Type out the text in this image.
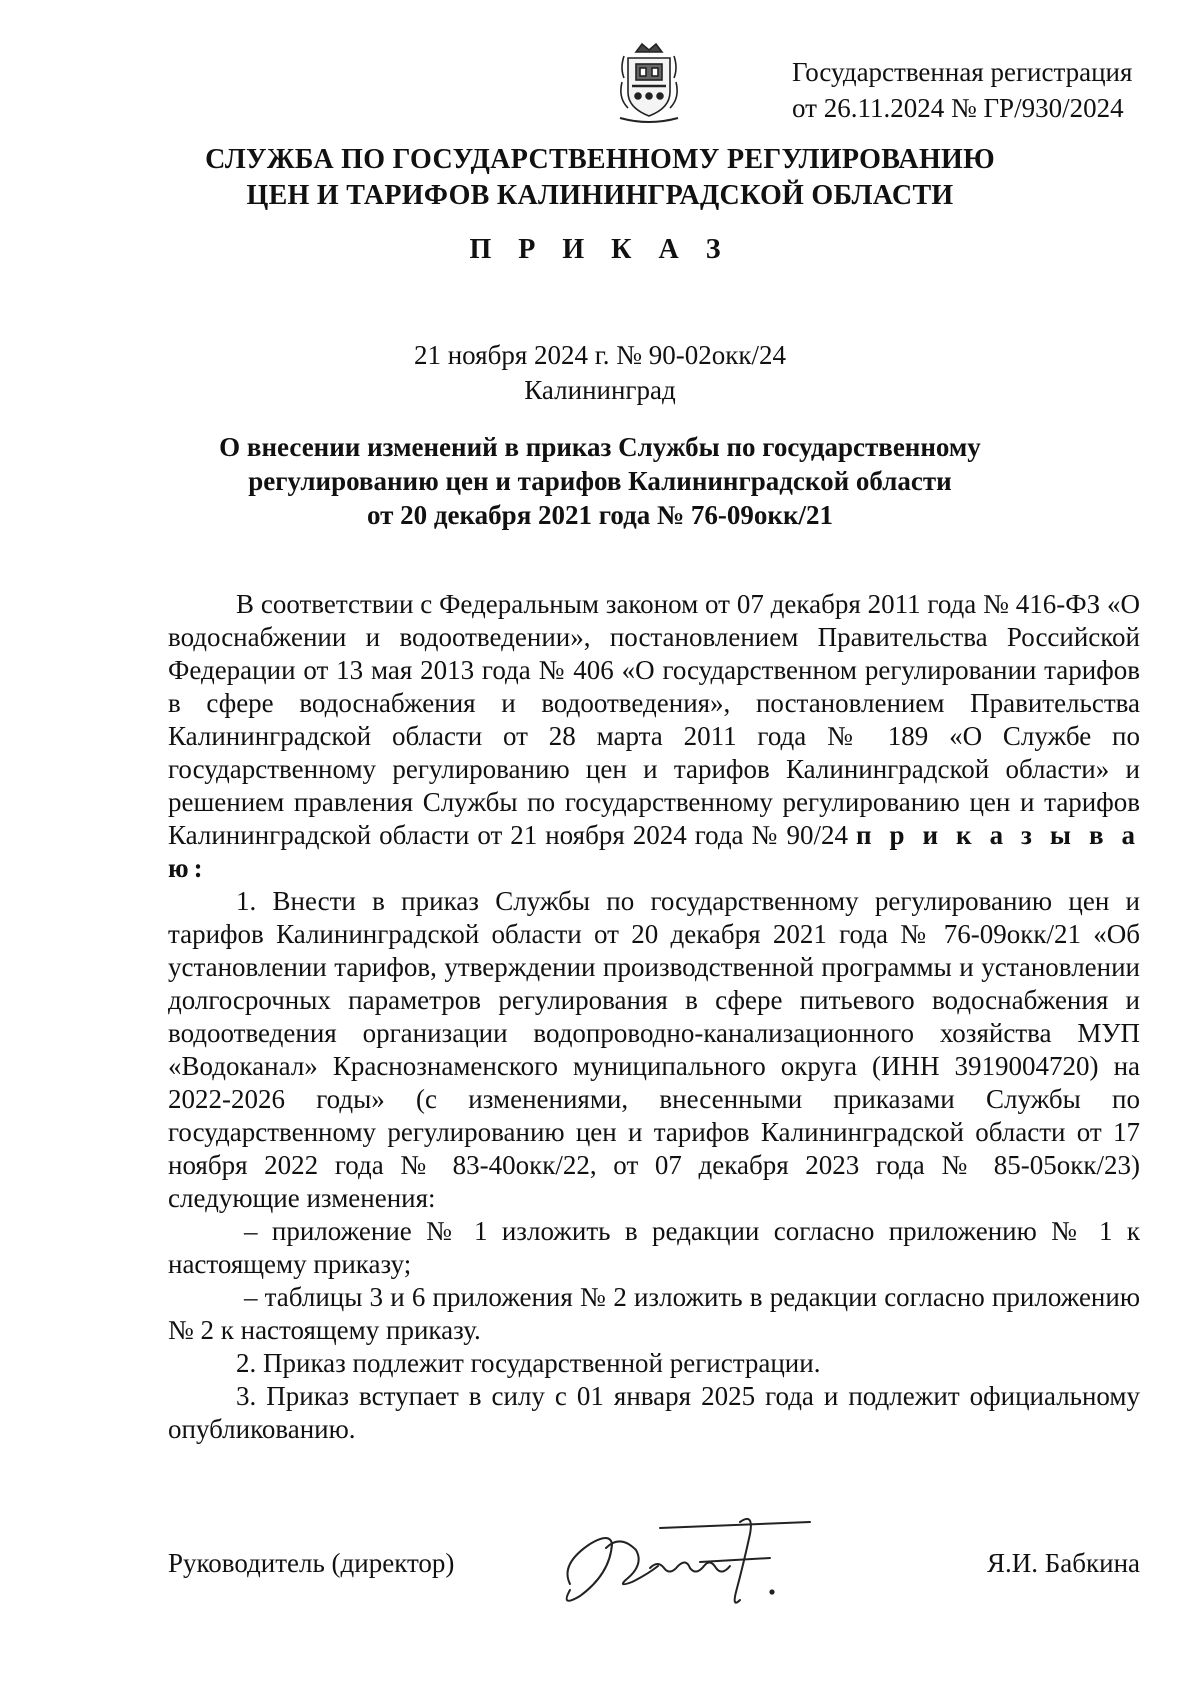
Государственная регистрация
от 26.11.2024 № ГР/930/2024
СЛУЖБА ПО ГОСУДАРСТВЕННОМУ РЕГУЛИРОВАНИЮ
ЦЕН И ТАРИФОВ КАЛИНИНГРАДСКОЙ ОБЛАСТИ
П Р И К А З
21 ноября 2024 г. № 90-02окк/24
Калининград
О внесении изменений в приказ Службы по государственному
регулированию цен и тарифов Калининградской области
от 20 декабря 2021 года № 76-09окк/21

В соответствии с Федеральным законом от 07 декабря 2011 года № 416-ФЗ «О водоснабжении и водоотведении», постановлением Правительства Российской Федерации от 13 мая 2013 года № 406 «О государственном регулировании тарифов в сфере водоснабжения и водоотведения», постановлением Правительства Калининградской области от 28 марта 2011 года № 189 «О Службе по государственному регулированию цен и тарифов Калининградской области» и решением правления Службы по государственному регулированию цен и тарифов Калининградской области от 21 ноября 2024 года № 90/24 п р и к а з ы в а ю:

1. Внести в приказ Службы по государственному регулированию цен и тарифов Калининградской области от 20 декабря 2021 года № 76-09окк/21 «Об установлении тарифов, утверждении производственной программы и установлении долгосрочных параметров регулирования в сфере питьевого водоснабжения и водоотведения организации водопроводно-канализационного хозяйства МУП «Водоканал» Краснознаменского муниципального округа (ИНН 3919004720) на 2022-2026 годы» (с изменениями, внесенными приказами Службы по государственному регулированию цен и тарифов Калининградской области от 17 ноября 2022 года № 83-40окк/22, от 07 декабря 2023 года № 85-05окк/23) следующие изменения:

– приложение № 1 изложить в редакции согласно приложению № 1 к настоящему приказу;

– таблицы 3 и 6 приложения № 2 изложить в редакции согласно приложению № 2 к настоящему приказу.

2. Приказ подлежит государственной регистрации.

3. Приказ вступает в силу с 01 января 2025 года и подлежит официальному опубликованию.

Руководитель (директор)	Я.И. Бабкина
